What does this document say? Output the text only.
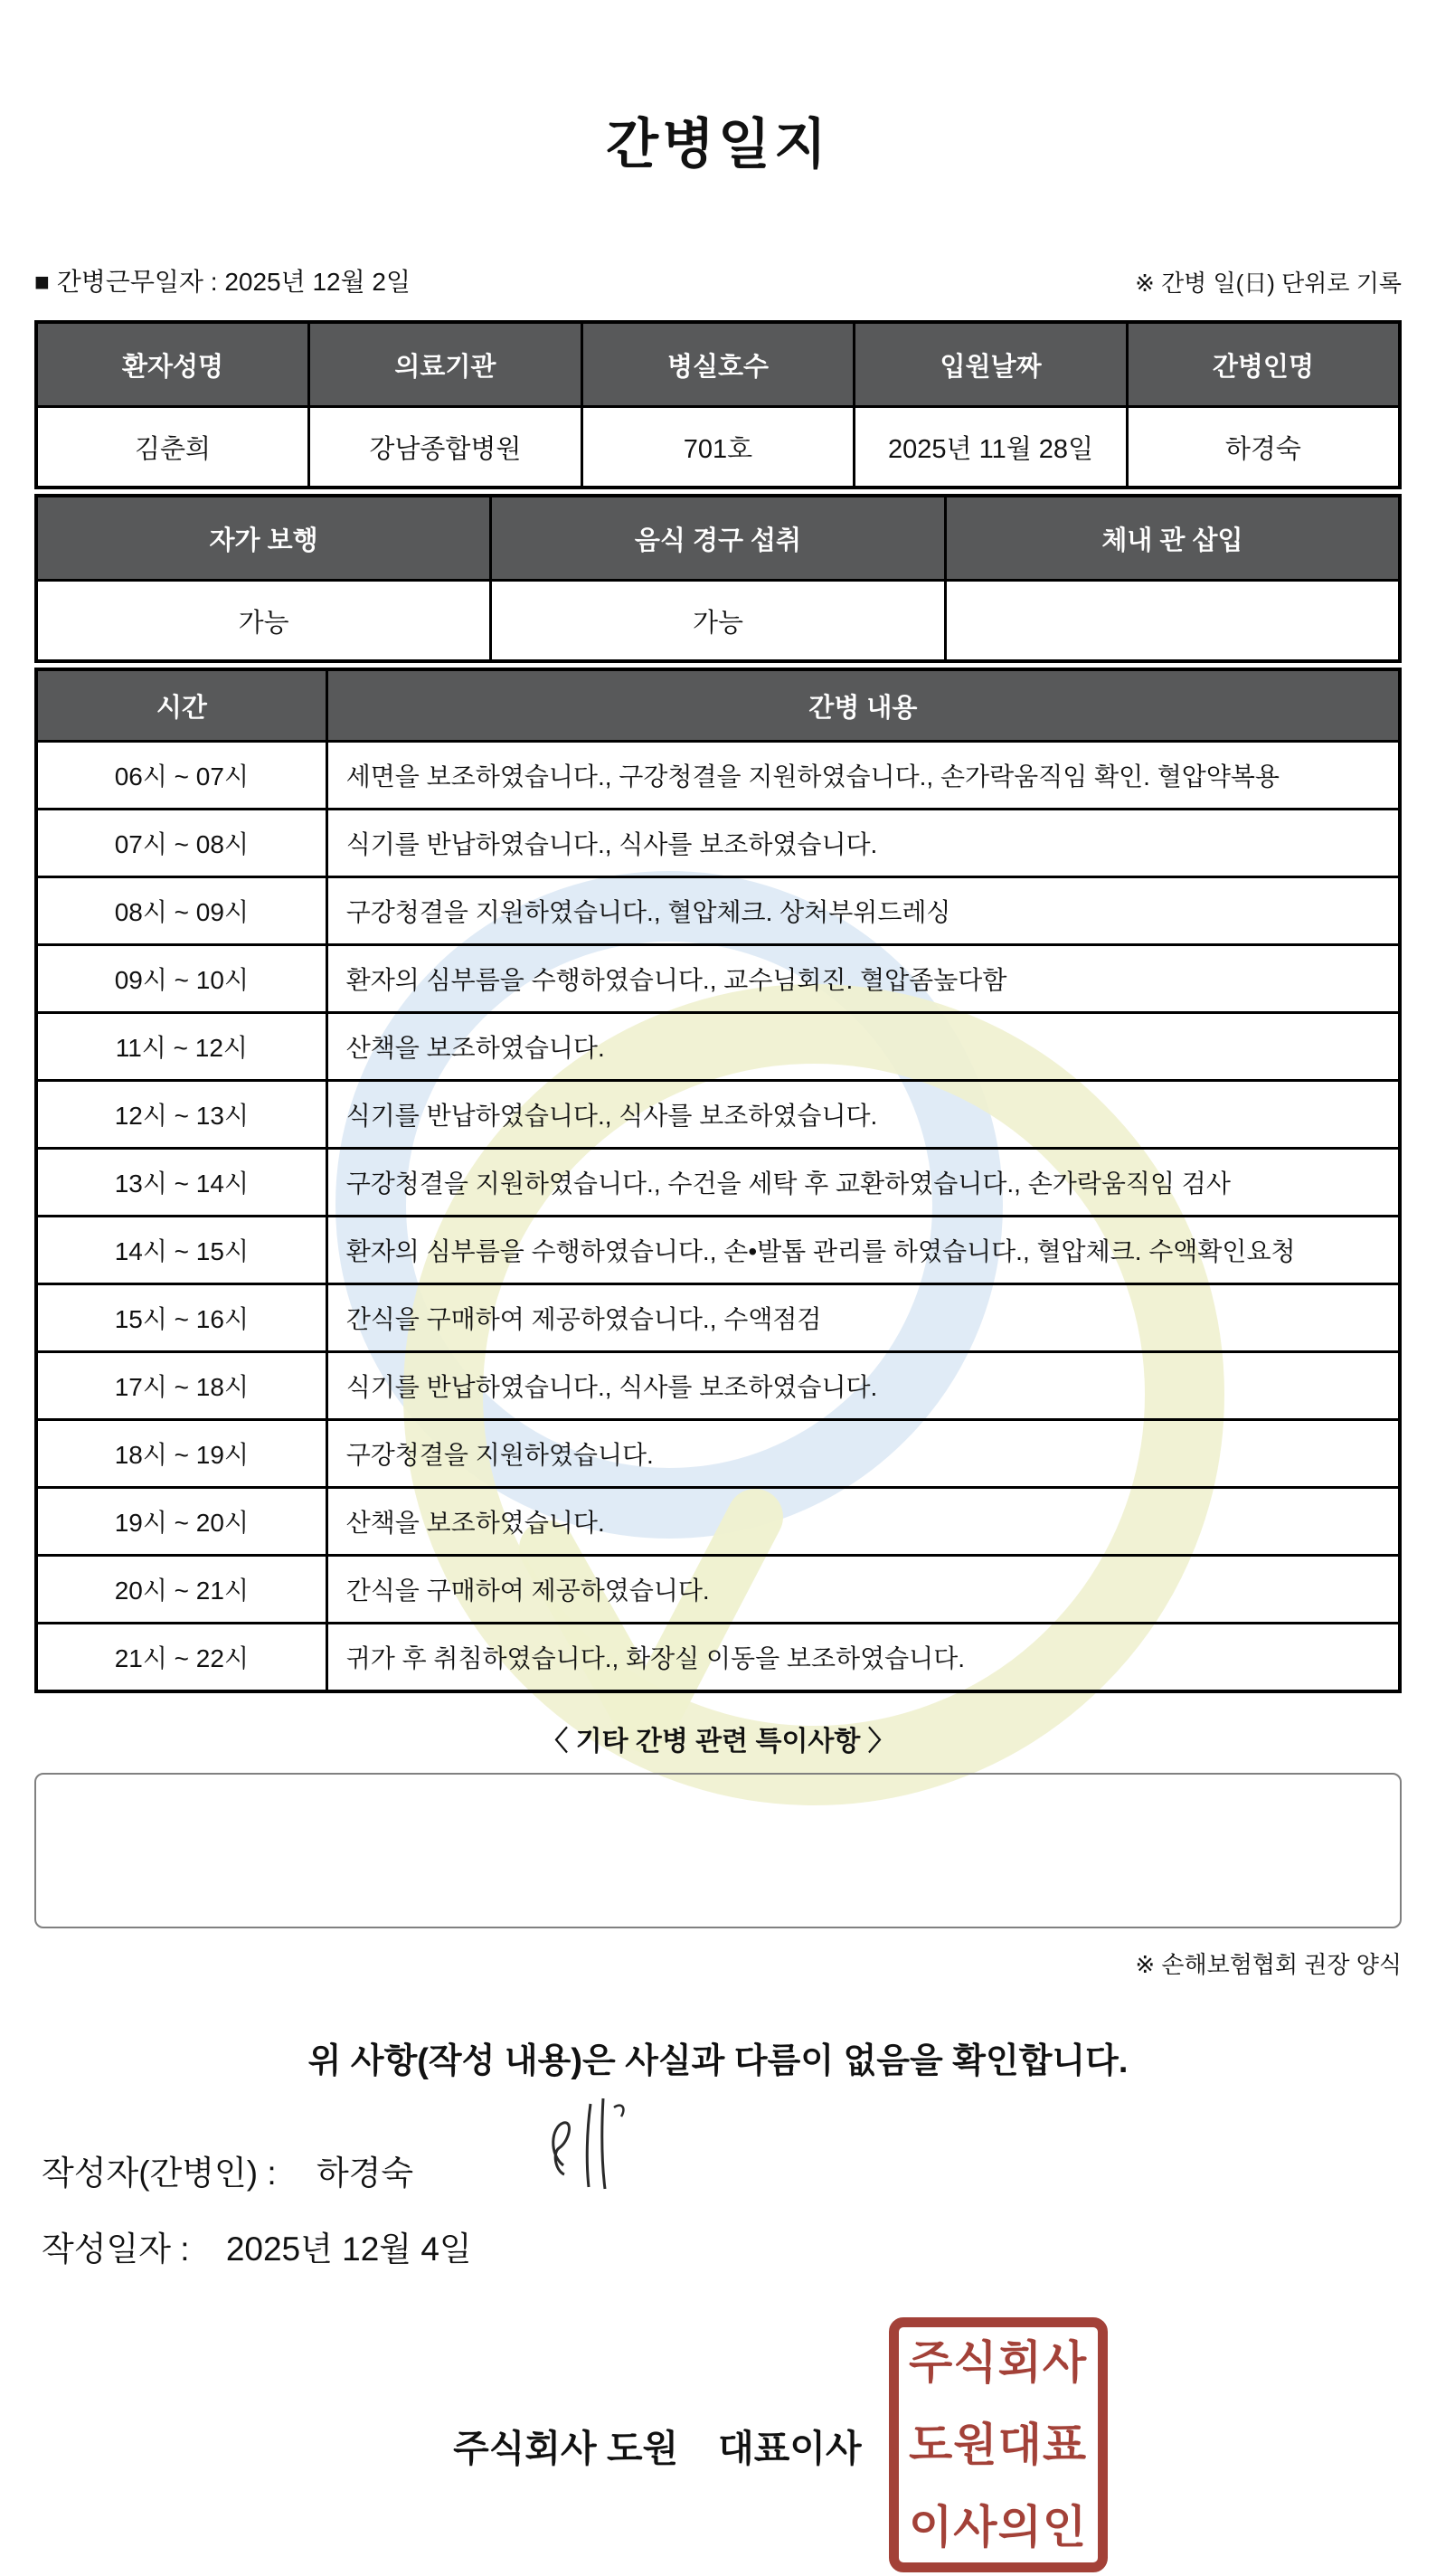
간병일지
■ 간병근무일자 : 2025년 12월 2일	※ 간병 일(日) 단위로 기록
환자성명	의료기관	병실호수	입원날짜	간병인명
김춘희	강남종합병원	701호	2025년 11월 28일	하경숙
자가 보행	음식 경구 섭취	체내 관 삽입
가능	가능	
시간	간병 내용
06시 ~ 07시	세면을 보조하였습니다., 구강청결을 지원하였습니다., 손가락움직임 확인. 혈압약복용
07시 ~ 08시	식기를 반납하였습니다., 식사를 보조하였습니다.
08시 ~ 09시	구강청결을 지원하였습니다., 혈압체크. 상처부위드레싱
09시 ~ 10시	환자의 심부름을 수행하였습니다., 교수님회진. 혈압좀높다함
11시 ~ 12시	산책을 보조하였습니다.
12시 ~ 13시	식기를 반납하였습니다., 식사를 보조하였습니다.
13시 ~ 14시	구강청결을 지원하였습니다., 수건을 세탁 후 교환하였습니다., 손가락움직임 검사
14시 ~ 15시	환자의 심부름을 수행하였습니다., 손•발톱 관리를 하였습니다., 혈압체크. 수액확인요청
15시 ~ 16시	간식을 구매하여 제공하였습니다., 수액점검
17시 ~ 18시	식기를 반납하였습니다., 식사를 보조하였습니다.
18시 ~ 19시	구강청결을 지원하였습니다.
19시 ~ 20시	산책을 보조하였습니다.
20시 ~ 21시	간식을 구매하여 제공하였습니다.
21시 ~ 22시	귀가 후 취침하였습니다., 화장실 이동을 보조하였습니다.
〈 기타 간병 관련 특이사항 〉
※ 손해보험협회 권장 양식
위 사항(작성 내용)은 사실과 다름이 없음을 확인합니다.
작성자(간병인) : 하경숙
작성일자 : 2025년 12월 4일

주식회사 도원 대표이사

주식회사
도원대표
이사의인
